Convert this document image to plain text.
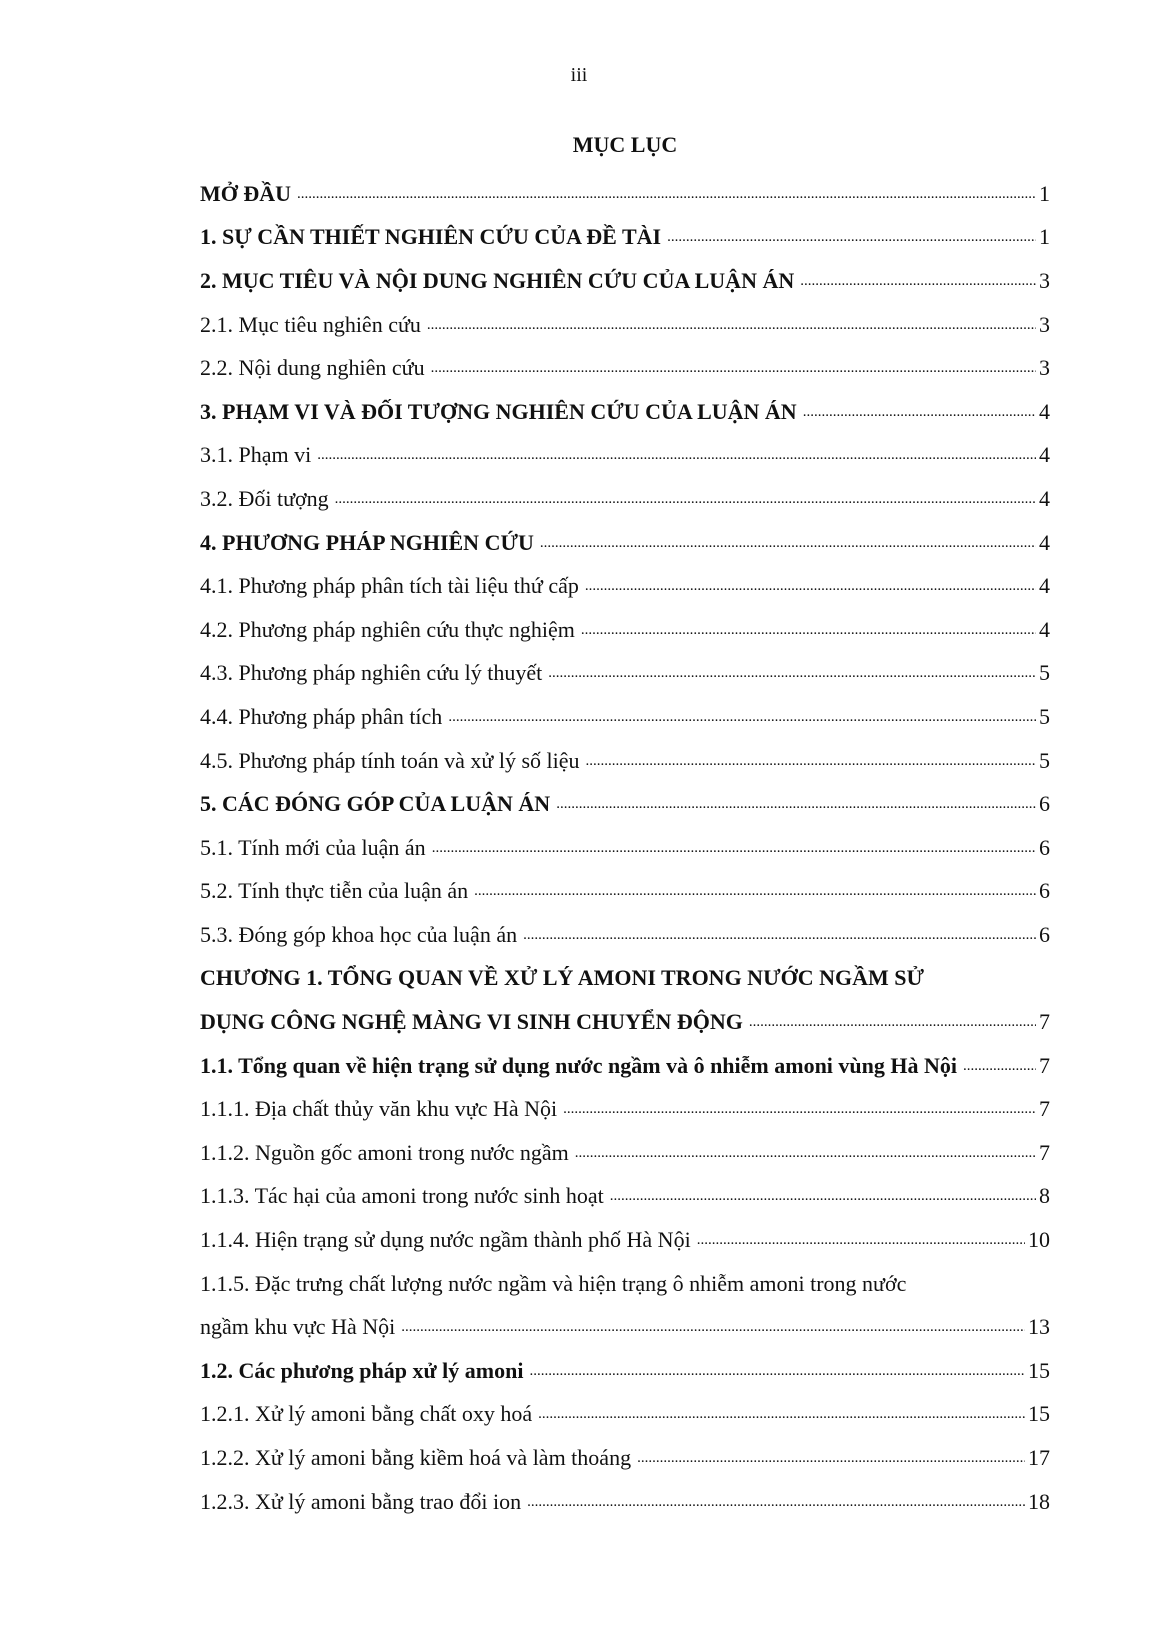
iii
MỤC LỤC
MỞ ĐẦU .....	1
1. SỰ CẦN THIẾT NGHIÊN CỨU CỦA ĐỀ TÀI .....	1
2. MỤC TIÊU VÀ NỘI DUNG NGHIÊN CỨU CỦA LUẬN ÁN .....	3
2.1. Mục tiêu nghiên cứu .....	3
2.2. Nội dung nghiên cứu .....	3
3. PHẠM VI VÀ ĐỐI TƯỢNG NGHIÊN CỨU CỦA LUẬN ÁN .....	4
3.1. Phạm vi .....	4
3.2. Đối tượng .....	4
4. PHƯƠNG PHÁP NGHIÊN CỨU .....	4
4.1. Phương pháp phân tích tài liệu thứ cấp .....	4
4.2. Phương pháp nghiên cứu thực nghiệm .....	4
4.3. Phương pháp nghiên cứu lý thuyết .....	5
4.4. Phương pháp phân tích .....	5
4.5. Phương pháp tính toán và xử lý số liệu .....	5
5. CÁC ĐÓNG GÓP CỦA LUẬN ÁN .....	6
5.1. Tính mới của luận án .....	6
5.2. Tính thực tiễn của luận án .....	6
5.3. Đóng góp khoa học của luận án .....	6
CHƯƠNG 1. TỔNG QUAN VỀ XỬ LÝ AMONI TRONG NƯỚC NGẦM SỬ
DỤNG CÔNG NGHỆ MÀNG VI SINH CHUYỂN ĐỘNG .....	7
1.1. Tổng quan về hiện trạng sử dụng nước ngầm và ô nhiễm amoni vùng Hà Nội .....	7
1.1.1. Địa chất thủy văn khu vực Hà Nội .....	7
1.1.2. Nguồn gốc amoni trong nước ngầm .....	7
1.1.3. Tác hại của amoni trong nước sinh hoạt .....	8
1.1.4. Hiện trạng sử dụng nước ngầm thành phố Hà Nội .....	10
1.1.5. Đặc trưng chất lượng nước ngầm và hiện trạng ô nhiễm amoni trong nước
ngầm khu vực Hà Nội .....	13
1.2. Các phương pháp xử lý amoni .....	15
1.2.1. Xử lý amoni bằng chất oxy hoá .....	15
1.2.2. Xử lý amoni bằng kiềm hoá và làm thoáng .....	17
1.2.3. Xử lý amoni bằng trao đổi ion .....	18
